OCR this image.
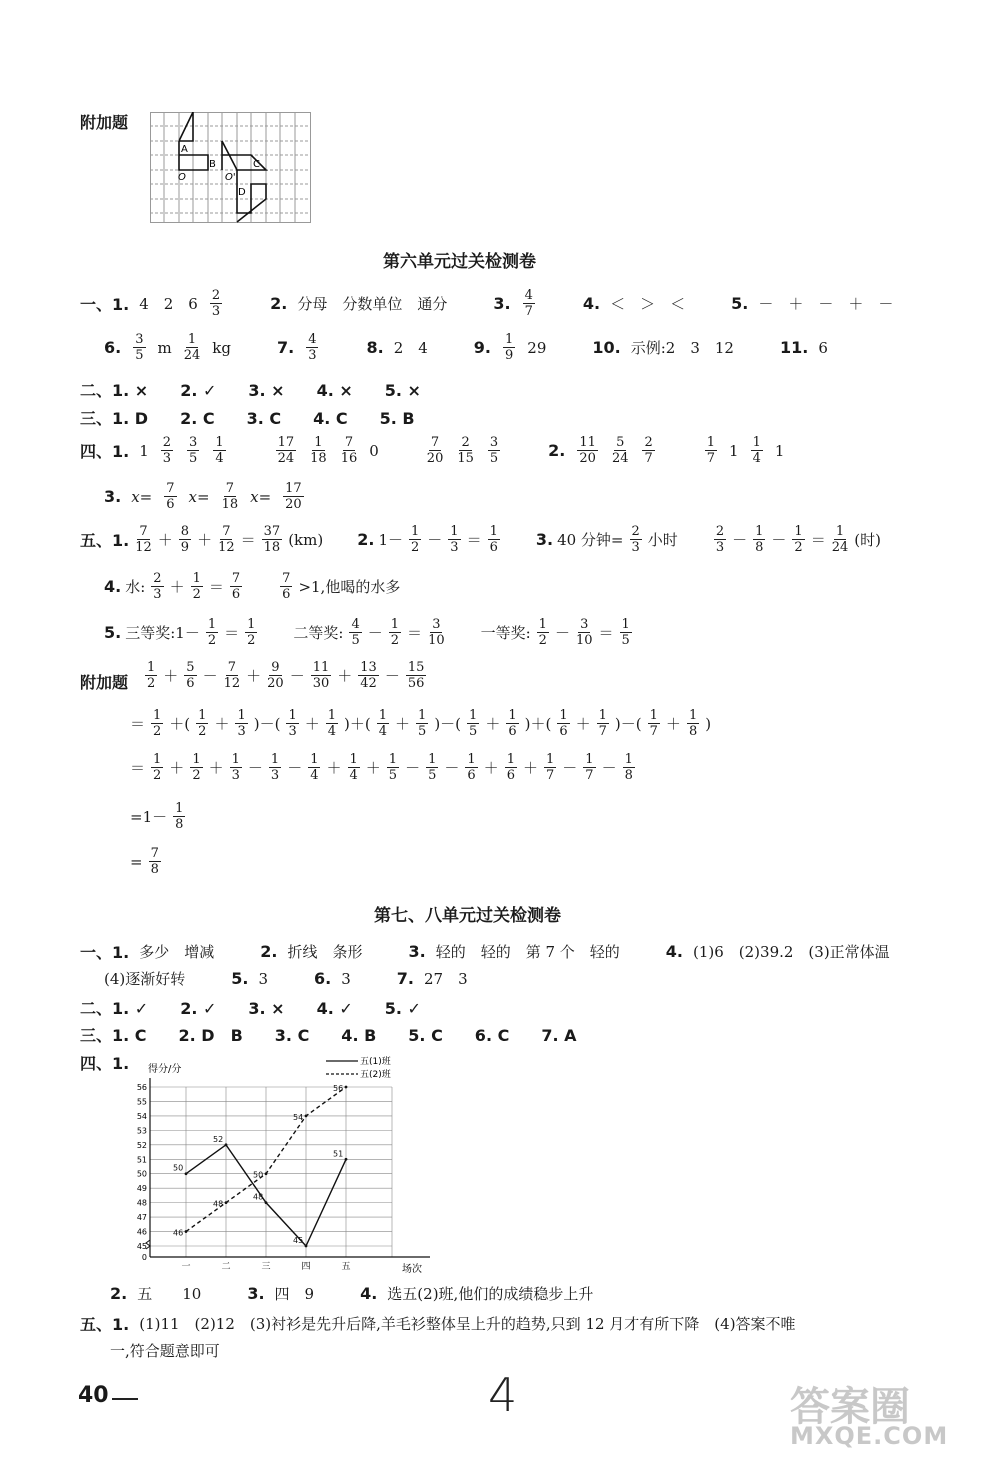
附加题
A
B	C
D
O	O'
第六单元过关检测卷
一、1. 4　2　6 2
3	2. 分母　分数单位　通分	3. 4
7	4. ＜　＞　＜	5. －　＋　－　＋　－
6. 3
5 m 1
24 kg	7. 4
3	8. 2　4	9. 1
9 29	10. 示例:2　3　12	11. 6
二、1. ×　　2. ✓　　3. ×　　4. ×　　5. ×
三、1. D　　2. C　　3. C　　4. C　　5. B
四、1. 1 2
3
3
5
1
4
17
24
1
18
7
16 0	7
20
2
15
3
5	2. 11
20
5
24
2
7
1
7 1 1
4 1
3. $x= \frac{7}{6} x= \frac{7}{18} x= \frac{17}{20}$
五、1. 7
12 ＋ 8
9 ＋ 7
12 ＝ 37
18 (km) 2. 1－ 1
2 － 1
3 ＝ 1
6 3. 40 分钟= $\frac{2}{3}$ 小时	2
3 － 1
8 － 1
2 ＝ 1
24 (时)
4. 水: 2
3 ＋ 1
2 ＝ 7
6
7
6 >1,他喝的水多
5. 三等奖:1－ 1
2 ＝ 1
2	二等奖: 4
5 － 1
2 ＝ 3
10 一等奖: 1
2 － 3
10 ＝ 1
5
附加题
1
2 ＋ 5
6 － 7
12 ＋ 9
20 － 11
30 ＋ 13
42 － 15
56
＝ 1
2 ＋( 1
2 ＋ 1
3 )－( 1
3 ＋ 1
4 )＋( 1
4 ＋ 1
5 )－( 1
5 ＋ 1
6 )＋( 1
6 ＋ 1
7 )－( 1
7 ＋ 1
8 )
＝ 1
2 ＋ 1
2 ＋ 1
3 － 1
3 － 1
4 ＋ 1
4 ＋ 1
5 － 1
5 － 1
6 ＋ 1
6 ＋ 1
7 － 1
7 － 1
8
=1－ 1
8
= $\frac{7}{8}$
第七、八单元过关检测卷
一、1. 多少　增减	2. 折线　条形	3. 轻的　轻的　第 7 个　轻的	4. (1)6　(2)39.2　(3)正常体温
(4)逐渐好转	5. 3	6. 3	7. 27　3
二、1. ✓　　2. ✓　　3. ×　　4. ✓　　5. ✓
三、1. C　　2. D　B　　3. C　　4. B　　5. C　　6. C　　7. A
四、1.
0
45
46
47
48
49
50
51
52
53
54
55
56
一	二	三	四	五
50
52
48
45
51
46
48
50
54
56
得分/分
场次
五(1)班
五(2)班
2. 五　　10	3. 四　9	4. 选五(2)班,他们的成绩稳步上升
五、1. (1)11　(2)12　(3)衬衫是先升后降,羊毛衫整体呈上升的趋势,只到 12 月才有所下降　(4)答案不唯
一,符合题意即可
40	4	答案圈
MXQE.COM
